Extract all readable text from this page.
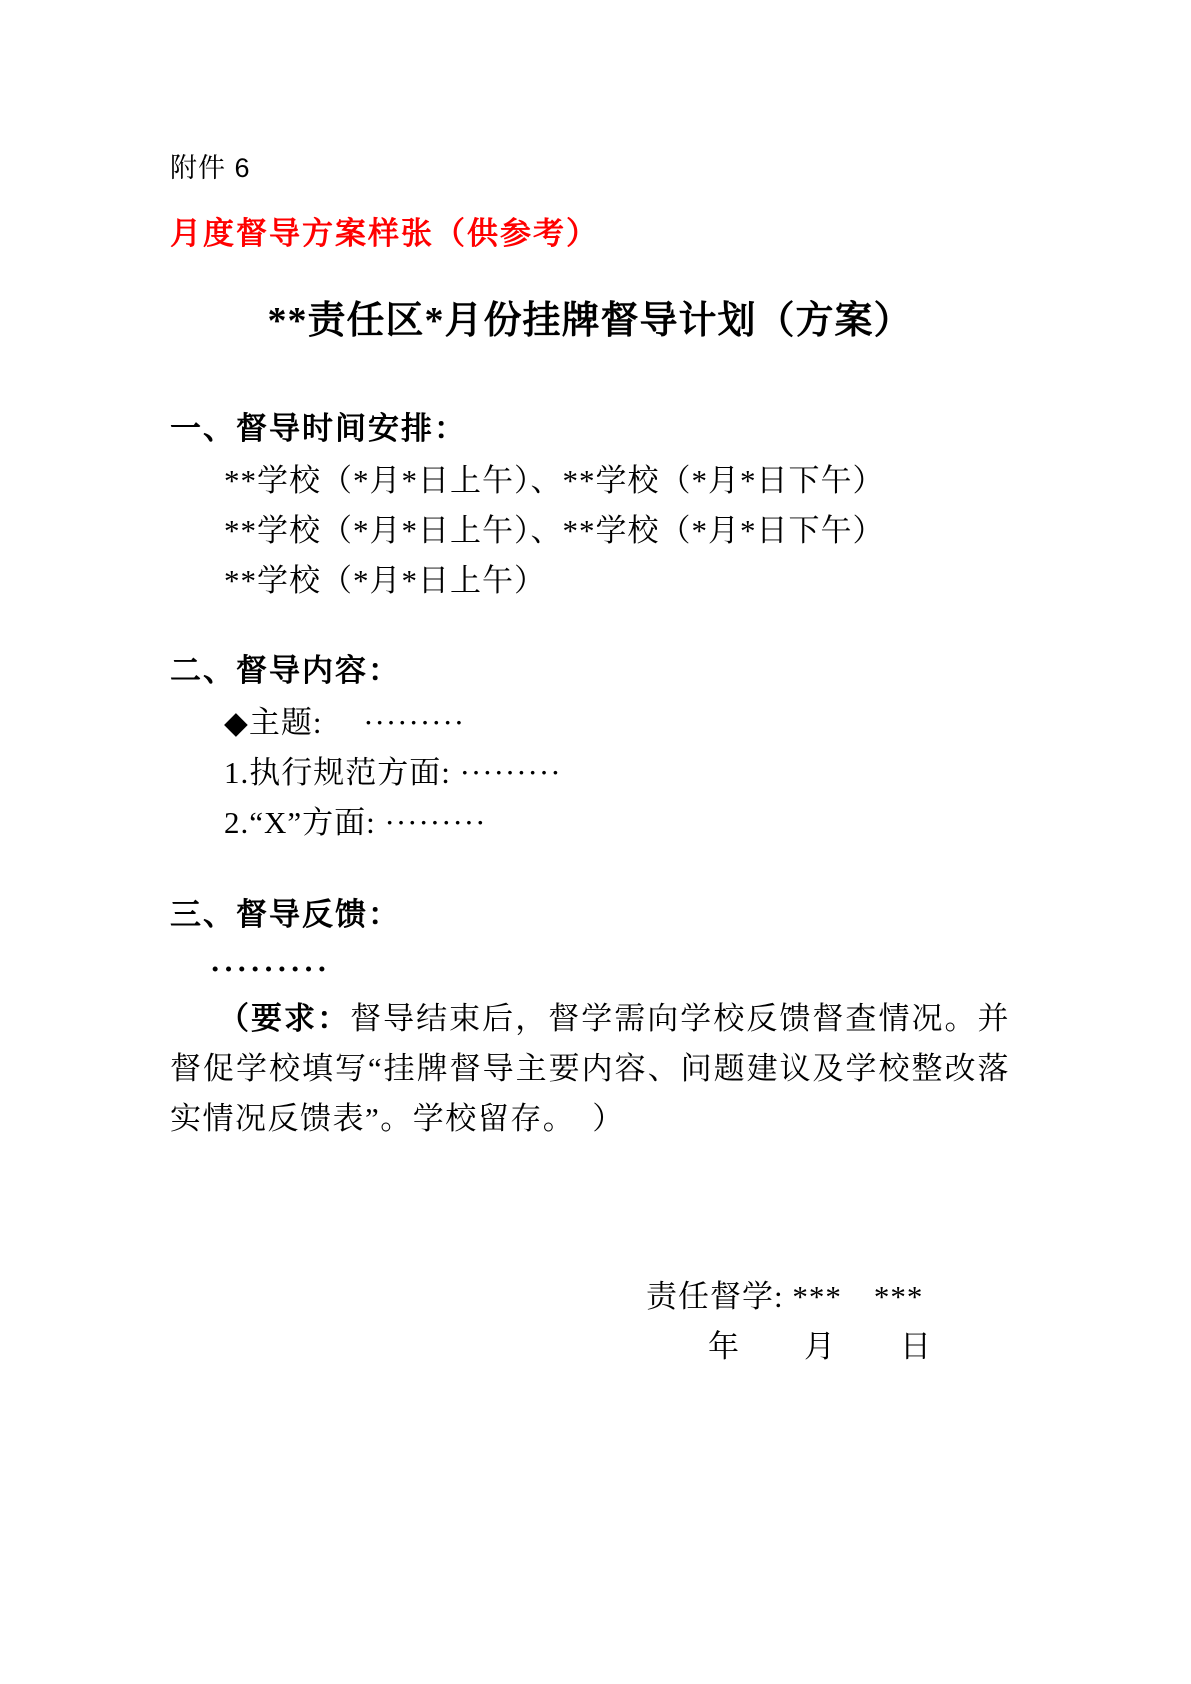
附件 6
月度督导方案样张（供参考）
**责任区*月份挂牌督导计划（方案）
一、督导时间安排：
**学校（*月*日上午）、**学校（*月*日下午）
**学校（*月*日上午）、**学校（*月*日下午）
**学校（*月*日上午）
二、督导内容：
◆主题:　 ·········
1.执行规范方面: ·········
2.“X”方面: ·········
三、督导反馈：
·········
（要求：督导结束后，督学需向学校反馈督查情况。并督促学校填写“挂牌督导主要内容、问题建议及学校整改落实情况反馈表”。学校留存。　）
责任督学: ***　***
年　　月　　日
